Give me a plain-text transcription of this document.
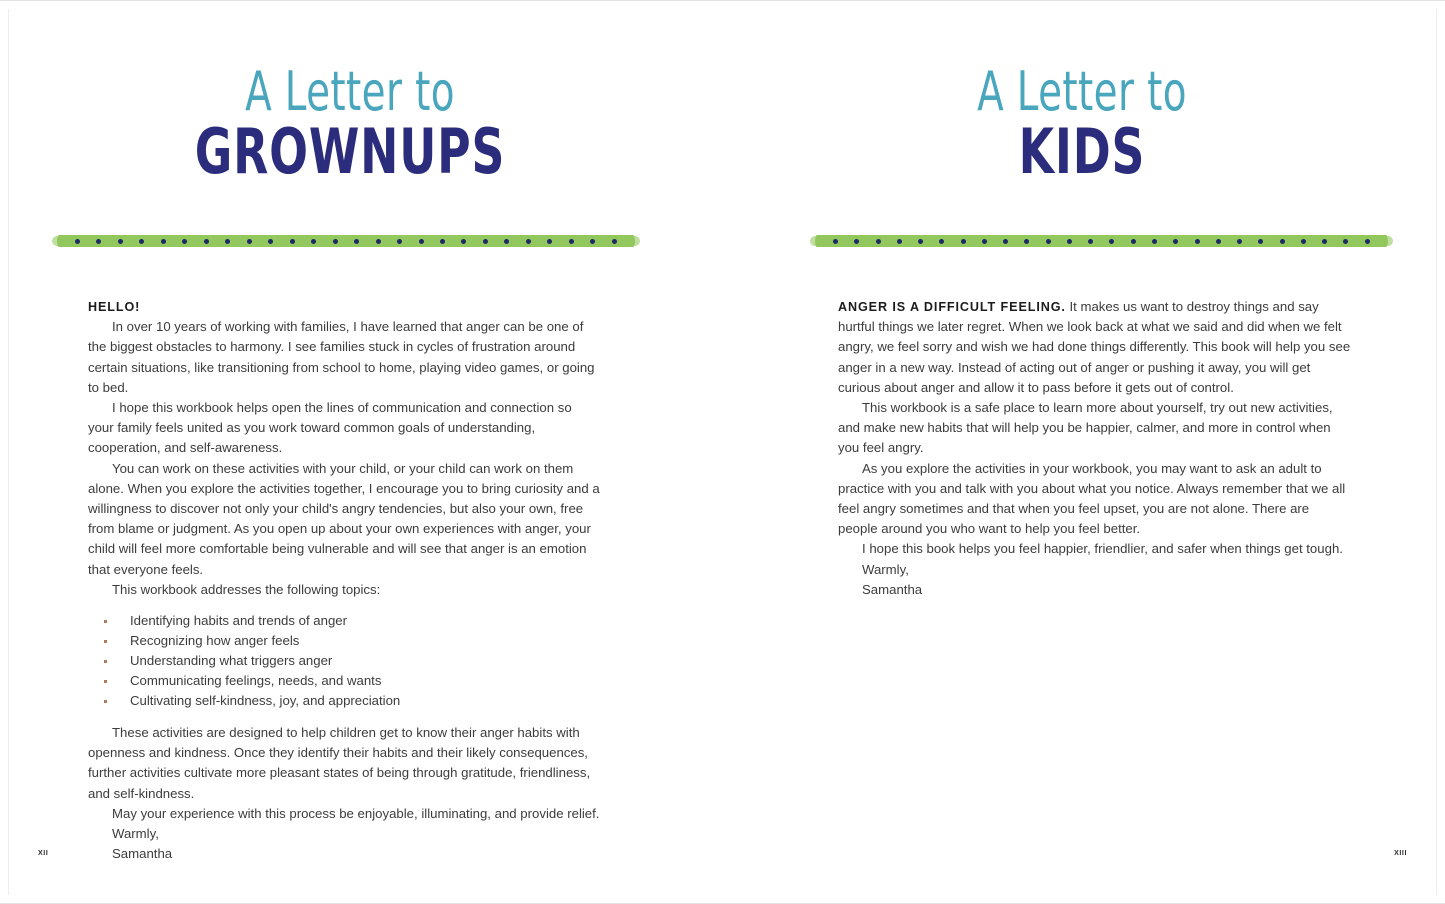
A Letter to
GROWNUPS

HELLO!

In over 10 years of working with families, I have learned that anger can be one of the biggest obstacles to harmony. I see families stuck in cycles of frustration around certain situations, like transitioning from school to home, playing video games, or going to bed.

I hope this workbook helps open the lines of communication and connection so your family feels united as you work toward common goals of understanding, cooperation, and self-awareness.

You can work on these activities with your child, or your child can work on them alone. When you explore the activities together, I encourage you to bring curiosity and a willingness to discover not only your child's angry tendencies, but also your own, free from blame or judgment. As you open up about your own experiences with anger, your child will feel more comfortable being vulnerable and will see that anger is an emotion that everyone feels.

This workbook addresses the following topics:

Identifying habits and trends of anger
Recognizing how anger feels
Understanding what triggers anger
Communicating feelings, needs, and wants
Cultivating self-kindness, joy, and appreciation

These activities are designed to help children get to know their anger habits with openness and kindness. Once they identify their habits and their likely consequences, further activities cultivate more pleasant states of being through gratitude, friendliness, and self-kindness.

May your experience with this process be enjoyable, illuminating, and provide relief.

Warmly,

Samantha

xii
A Letter to
KIDS

ANGER IS A DIFFICULT FEELING. It makes us want to destroy things and say hurtful things we later regret. When we look back at what we said and did when we felt angry, we feel sorry and wish we had done things differently. This book will help you see anger in a new way. Instead of acting out of anger or pushing it away, you will get curious about anger and allow it to pass before it gets out of control.

This workbook is a safe place to learn more about yourself, try out new activities, and make new habits that will help you be happier, calmer, and more in control when you feel angry.

As you explore the activities in your workbook, you may want to ask an adult to practice with you and talk with you about what you notice. Always remember that we all feel angry sometimes and that when you feel upset, you are not alone. There are people around you who want to help you feel better.

I hope this book helps you feel happier, friendlier, and safer when things get tough.

Warmly,

Samantha

xiii
